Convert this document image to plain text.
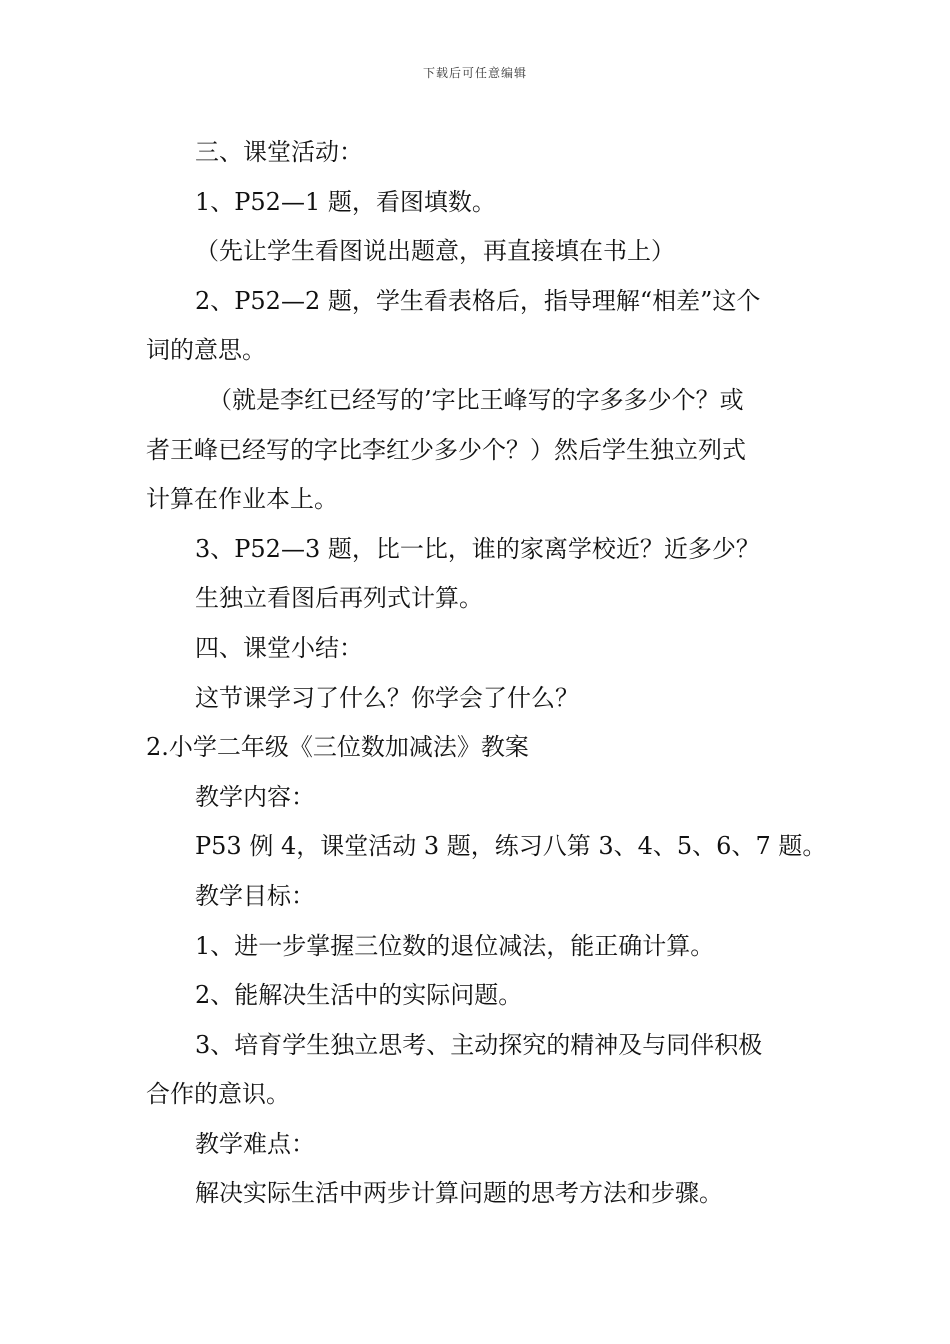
下载后可任意编辑

三、课堂活动：

1、P52—1 题，看图填数。

（先让学生看图说出题意，再直接填在书上）

2、P52—2 题，学生看表格后，指导理解“相差”这个
词的意思。

（就是李红已经写的’字比王峰写的字多多少个？或
者王峰已经写的字比李红少多少个？）然后学生独立列式
计算在作业本上。

3、P52—3 题，比一比，谁的家离学校近？近多少？

生独立看图后再列式计算。

四、课堂小结：

这节课学习了什么？你学会了什么？

2.小学二年级《三位数加减法》教案

教学内容：

P53 例 4，课堂活动 3 题，练习八第 3、4、5、6、7 题。

教学目标：

1、进一步掌握三位数的退位减法，能正确计算。

2、能解决生活中的实际问题。

3、培育学生独立思考、主动探究的精神及与同伴积极
合作的意识。

教学难点：

解决实际生活中两步计算问题的思考方法和步骤。
